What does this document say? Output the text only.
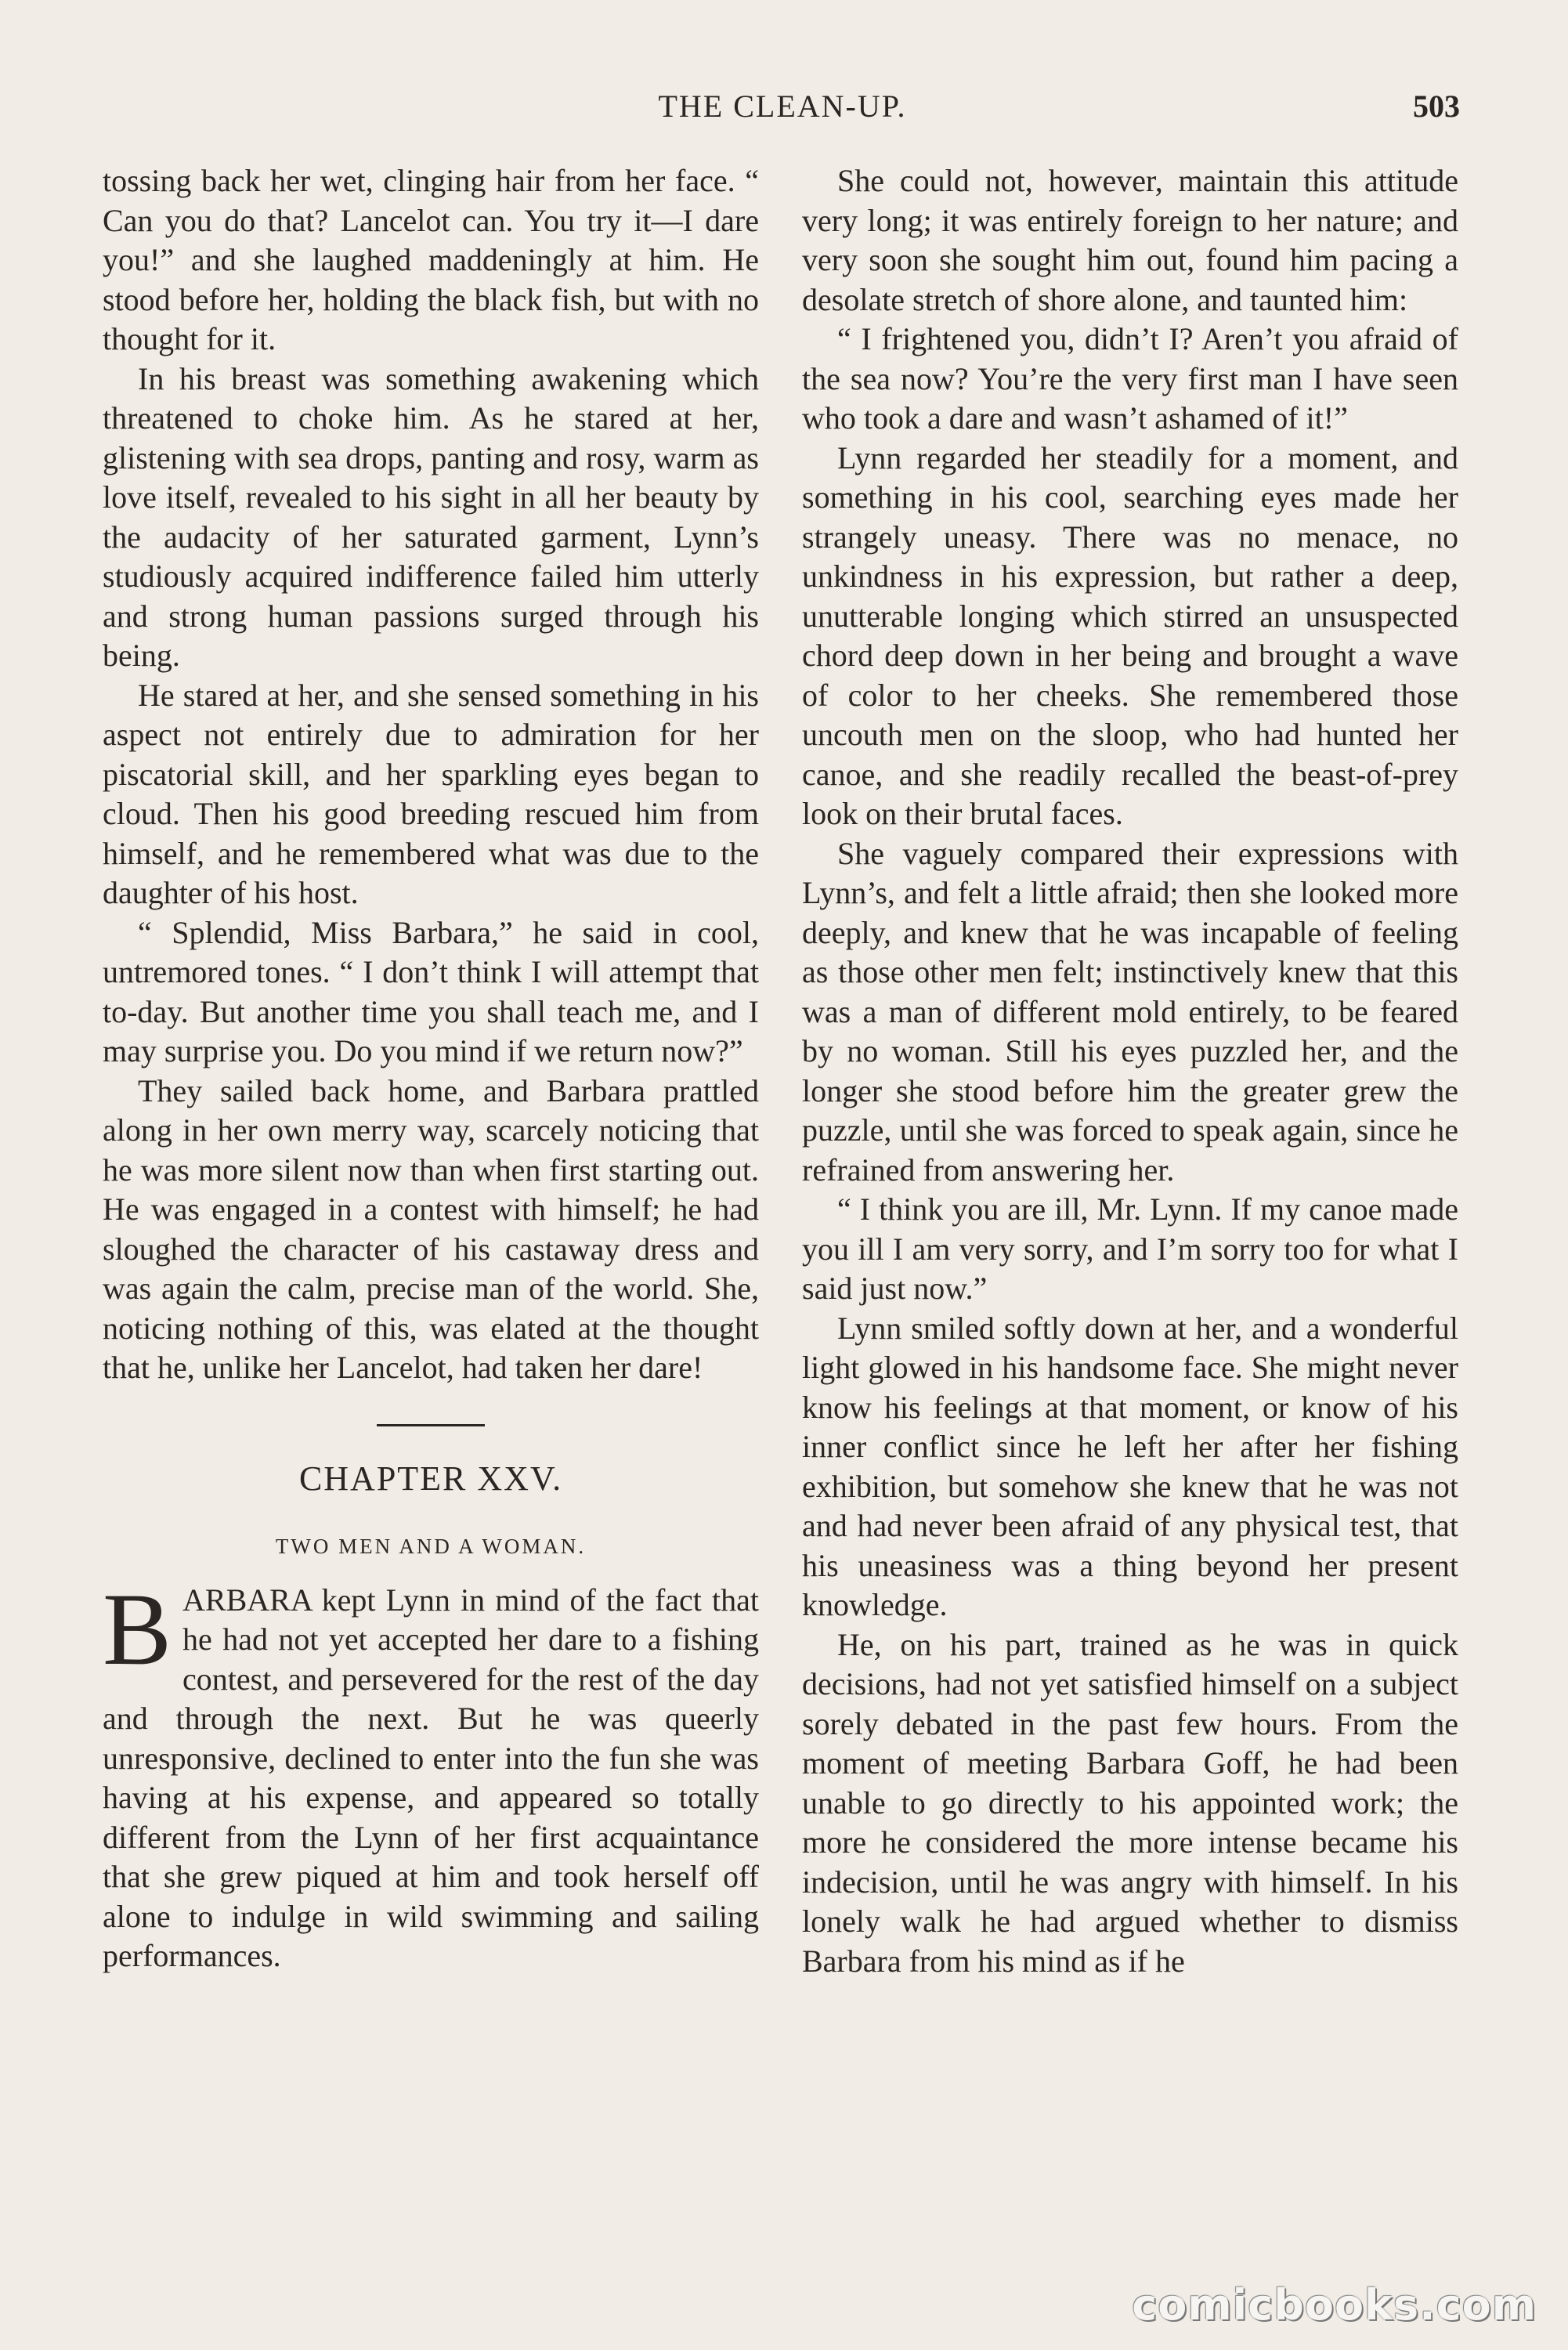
THE CLEAN-UP.	503

tossing back her wet, clinging hair from her face. “ Can you do that? Lancelot can. You try it—I dare you!” and she laughed maddeningly at him. He stood before her, holding the black fish, but with no thought for it.

In his breast was something awakening which threatened to choke him. As he stared at her, glistening with sea drops, panting and rosy, warm as love itself, revealed to his sight in all her beauty by the audacity of her saturated garment, Lynn’s studiously acquired indifference failed him utterly and strong human passions surged through his being.

He stared at her, and she sensed something in his aspect not entirely due to admiration for her piscatorial skill, and her sparkling eyes began to cloud. Then his good breeding rescued him from himself, and he remembered what was due to the daughter of his host.

“ Splendid, Miss Barbara,” he said in cool, untremored tones. “ I don’t think I will attempt that to-day. But another time you shall teach me, and I may surprise you. Do you mind if we return now?”

They sailed back home, and Barbara prattled along in her own merry way, scarcely noticing that he was more silent now than when first starting out. He was engaged in a contest with himself; he had sloughed the character of his castaway dress and was again the calm, precise man of the world. She, noticing nothing of this, was elated at the thought that he, unlike her Lancelot, had taken her dare!

CHAPTER XXV.
TWO MEN AND A WOMAN.

BARBARA kept Lynn in mind of the fact that he had not yet accepted her dare to a fishing contest, and persevered for the rest of the day and through the next. But he was queerly unresponsive, declined to enter into the fun she was having at his expense, and appeared so totally different from the Lynn of her first acquaintance that she grew piqued at him and took herself off alone to indulge in wild swimming and sailing performances.

She could not, however, maintain this attitude very long; it was entirely foreign to her nature; and very soon she sought him out, found him pacing a desolate stretch of shore alone, and taunted him:

“ I frightened you, didn’t I? Aren’t you afraid of the sea now? You’re the very first man I have seen who took a dare and wasn’t ashamed of it!”

Lynn regarded her steadily for a moment, and something in his cool, searching eyes made her strangely uneasy. There was no menace, no unkindness in his expression, but rather a deep, unutterable longing which stirred an unsuspected chord deep down in her being and brought a wave of color to her cheeks. She remembered those uncouth men on the sloop, who had hunted her canoe, and she readily recalled the beast-of-prey look on their brutal faces.

She vaguely compared their expressions with Lynn’s, and felt a little afraid; then she looked more deeply, and knew that he was incapable of feeling as those other men felt; instinctively knew that this was a man of different mold entirely, to be feared by no woman. Still his eyes puzzled her, and the longer she stood before him the greater grew the puzzle, until she was forced to speak again, since he refrained from answering her.

“ I think you are ill, Mr. Lynn. If my canoe made you ill I am very sorry, and I’m sorry too for what I said just now.”

Lynn smiled softly down at her, and a wonderful light glowed in his handsome face. She might never know his feelings at that moment, or know of his inner conflict since he left her after her fishing exhibition, but somehow she knew that he was not and had never been afraid of any physical test, that his uneasiness was a thing beyond her present knowledge.

He, on his part, trained as he was in quick decisions, had not yet satisfied himself on a subject sorely debated in the past few hours. From the moment of meeting Barbara Goff, he had been unable to go directly to his appointed work; the more he considered the more intense became his indecision, until he was angry with himself. In his lonely walk he had argued whether to dismiss Barbara from his mind as if he

comicbooks.com
